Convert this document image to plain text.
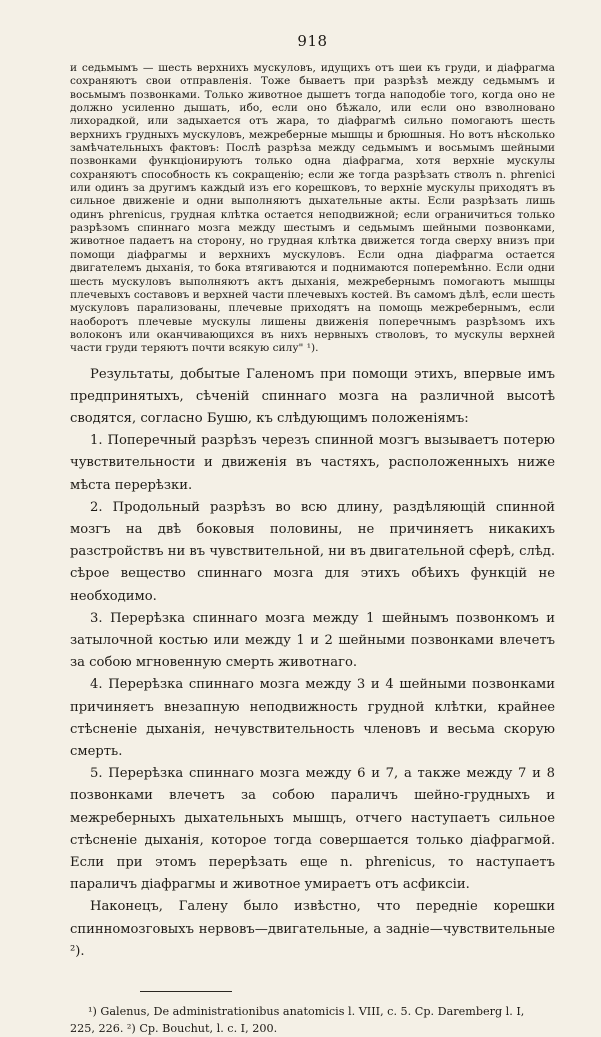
918

и седьмымъ — шесть верхнихъ мускуловъ, идущихъ отъ шеи къ груди, и діафрагма сохраняютъ свои отправленія. Тоже бываетъ при разрѣзѣ между седьмымъ и восьмымъ позвонками. Только животное дышетъ тогда наподобіе того, когда оно не должно усиленно дышать, ибо, если оно бѣжало, или если оно взволновано лихорадкой, или задыхается отъ жара, то діафрагмѣ сильно помогаютъ шесть верхнихъ грудныхъ мускуловъ, межреберные мышцы и брюшныя. Но вотъ нѣсколько замѣчательныхъ фактовъ: Послѣ разрѣза между седьмымъ и восьмымъ шейными позвонками функціонируютъ только одна діафрагма, хотя верхніе мускулы сохраняютъ способность къ сокращенію; если же тогда разрѣзать стволъ n. phrenici или одинъ за другимъ каждый изъ его корешковъ, то верхніе мускулы приходятъ въ сильное движеніе и одни выполняютъ дыхательные акты. Если разрѣзать лишь одинъ phrenicus, грудная клѣтка остается неподвижной; если ограничиться только разрѣзомъ спиннаго мозга между шестымъ и седьмымъ шейными позвонками, животное падаетъ на сторону, но грудная клѣтка движется тогда сверху внизъ при помощи діафрагмы и верхнихъ мускуловъ. Если одна діафрагма остается двигателемъ дыханія, то бока втягиваются и поднимаются поперемѣнно. Если одни шесть мускуловъ выполняютъ актъ дыханія, межребернымъ помогаютъ мышцы плечевыхъ составовъ и верхней части плечевыхъ костей. Въ самомъ дѣлѣ, если шесть мускуловъ парализованы, плечевые приходятъ на помощь межребернымъ, если наоборотъ плечевые мускулы лишены движенія поперечнымъ разрѣзомъ ихъ волоконъ или оканчивающихся въ нихъ нервныхъ стволовъ, то мускулы верхней части груди теряютъ почти всякую силу" ¹).

Результаты, добытые Галеномъ при помощи этихъ, впервые имъ предпринятыхъ, сѣченій спиннаго мозга на различной высотѣ сводятся, согласно Бушю, къ слѣдующимъ положеніямъ:

1. Поперечный разрѣзъ черезъ спинной мозгъ вызываетъ потерю чувствительности и движенія въ частяхъ, расположенныхъ ниже мѣста перерѣзки.

2. Продольный разрѣзъ во всю длину, раздѣляющій спинной мозгъ на двѣ боковыя половины, не причиняетъ никакихъ разстройствъ ни въ чувствительной, ни въ двигательной сферѣ, слѣд. сѣрое вещество спиннаго мозга для этихъ обѣихъ функцій не необходимо.

3. Перерѣзка спиннаго мозга между 1 шейнымъ позвонкомъ и затылочной костью или между 1 и 2 шейными позвонками влечетъ за собою мгновенную смерть животнаго.

4. Перерѣзка спиннаго мозга между 3 и 4 шейными позвонками причиняетъ внезапную неподвижность грудной клѣтки, крайнее стѣсненіе дыханія, нечувствительность членовъ и весьма скорую смерть.

5. Перерѣзка спиннаго мозга между 6 и 7, а также между 7 и 8 позвонками влечетъ за собою параличъ шейно-грудныхъ и межреберныхъ дыхательныхъ мышцъ, отчего наступаетъ сильное стѣсненіе дыханія, которое тогда совершается только діафрагмой. Если при этомъ перерѣзать еще n. phrenicus, то наступаетъ параличъ діафрагмы и животное умираетъ отъ асфиксіи.

Наконецъ, Галену было извѣстно, что передніе корешки спинномозговыхъ нервовъ—двигательные, а задніе—чувствительные ²).

¹) Galenus, De administrationibus anatomicis l. VIII, c. 5. Cp. Daremberg l. I,

225, 226. ²) Cp. Bouchut, l. c. I, 200.
